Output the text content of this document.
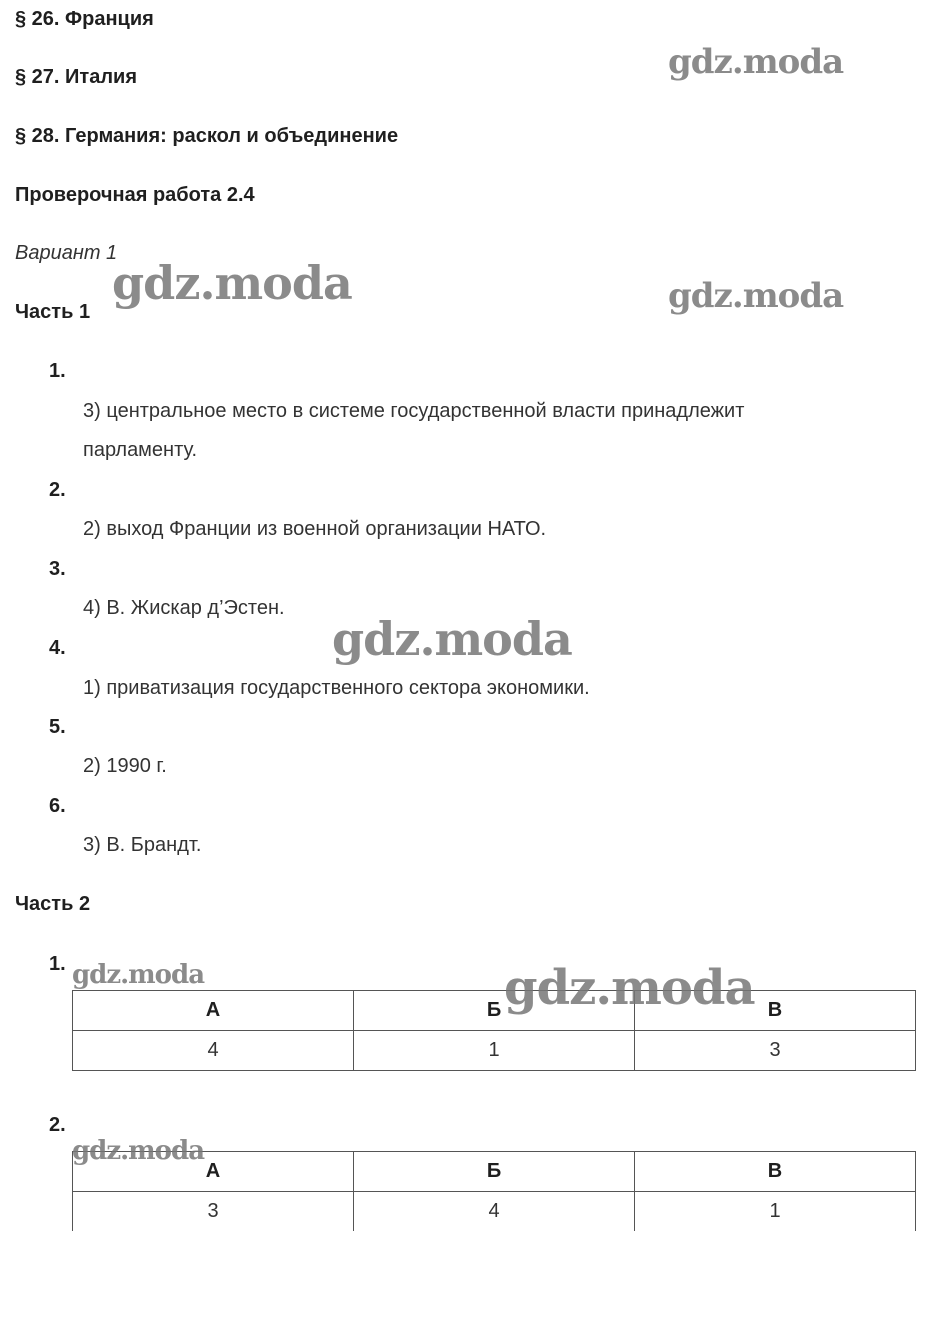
§ 26. Франция
§ 27. Италия
§ 28. Германия: раскол и объединение
Проверочная работа 2.4
Вариант 1
Часть 1
1.
3) центральное место в системе государственной власти принадлежит
парламенту.
2.
2) выход Франции из военной организации НАТО.
3.
4) В. Жискар д’Эстен.
4.
1) приватизация государственного сектора экономики.
5.
2) 1990 г.
6.
3) В. Брандт.
Часть 2
1.
А	Б	В
4	1	3
2.
А	Б	В
3	4	1
gdz.moda
gdz.moda	gdz.moda
gdz.moda
gdz.moda	gdz.moda
gdz.moda
